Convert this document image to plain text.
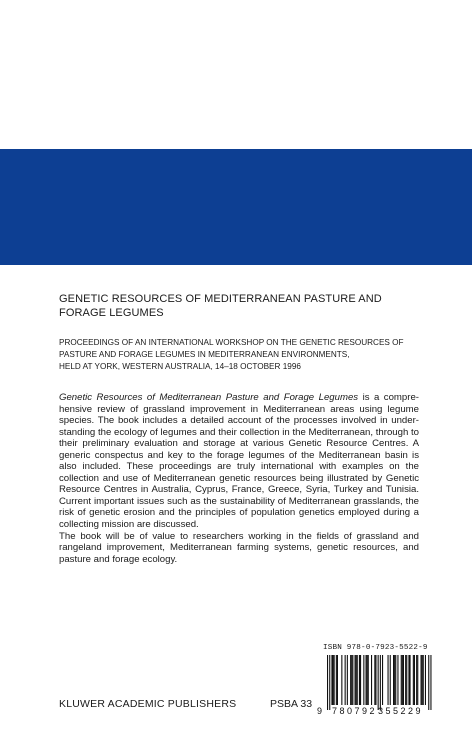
GENETIC RESOURCES OF MEDITERRANEAN PASTURE AND
FORAGE LEGUMES
PROCEEDINGS OF AN INTERNATIONAL WORKSHOP ON THE GENETIC RESOURCES OF
PASTURE AND FORAGE LEGUMES IN MEDITERRANEAN ENVIRONMENTS,
HELD AT YORK, WESTERN AUSTRALIA, 14–18 OCTOBER 1996

Genetic Resources of Mediterranean Pasture and Forage Legumes is a comprehensive review of grassland improvement in Mediterranean areas using legume species. The book includes a detailed account of the processes involved in understanding the ecology of legumes and their collection in the Mediterranean, through to their preliminary evaluation and storage at various Genetic Resource Centres. A generic conspectus and key to the forage legumes of the Mediterranean basin is also included. These proceedings are truly international with examples on the collection and use of Mediterranean genetic resources being illustrated by Genetic Resource Centres in Australia, Cyprus, France, Greece, Syria, Turkey and Tunisia. Current important issues such as the sustainability of Mediterranean grasslands, the risk of genetic erosion and the principles of population genetics employed during a collecting mission are discussed.

The book will be of value to researchers working in the fields of grassland and rangeland improvement, Mediterranean farming systems, genetic resources, and pasture and forage ecology.

ISBN 978-0-7923-5522-9
9 780792 355229
KLUWER ACADEMIC PUBLISHERS	PSBA 33
